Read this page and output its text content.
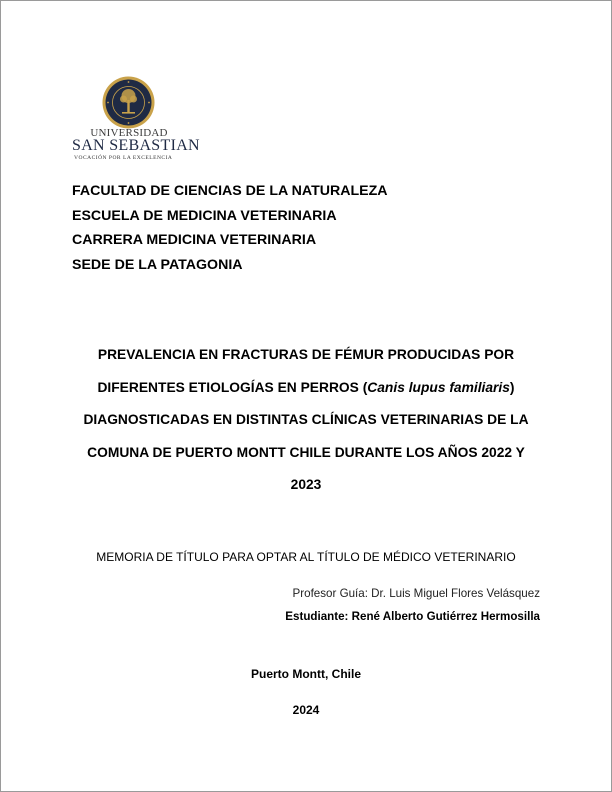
UNIVERSIDAD
SAN SEBASTIAN
VOCACIÓN POR LA EXCELENCIA
FACULTAD DE CIENCIAS DE LA NATURALEZA
ESCUELA DE MEDICINA VETERINARIA
CARRERA MEDICINA VETERINARIA
SEDE DE LA PATAGONIA
PREVALENCIA EN FRACTURAS DE FÉMUR PRODUCIDAS POR
DIFERENTES ETIOLOGÍAS EN PERROS (Canis lupus familiaris)
DIAGNOSTICADAS EN DISTINTAS CLÍNICAS VETERINARIAS DE LA
COMUNA DE PUERTO MONTT CHILE DURANTE LOS AÑOS 2022 Y
2023
MEMORIA DE TÍTULO PARA OPTAR AL TÍTULO DE MÉDICO VETERINARIO
Profesor Guía: Dr. Luis Miguel Flores Velásquez
Estudiante: René Alberto Gutiérrez Hermosilla
Puerto Montt, Chile
2024
